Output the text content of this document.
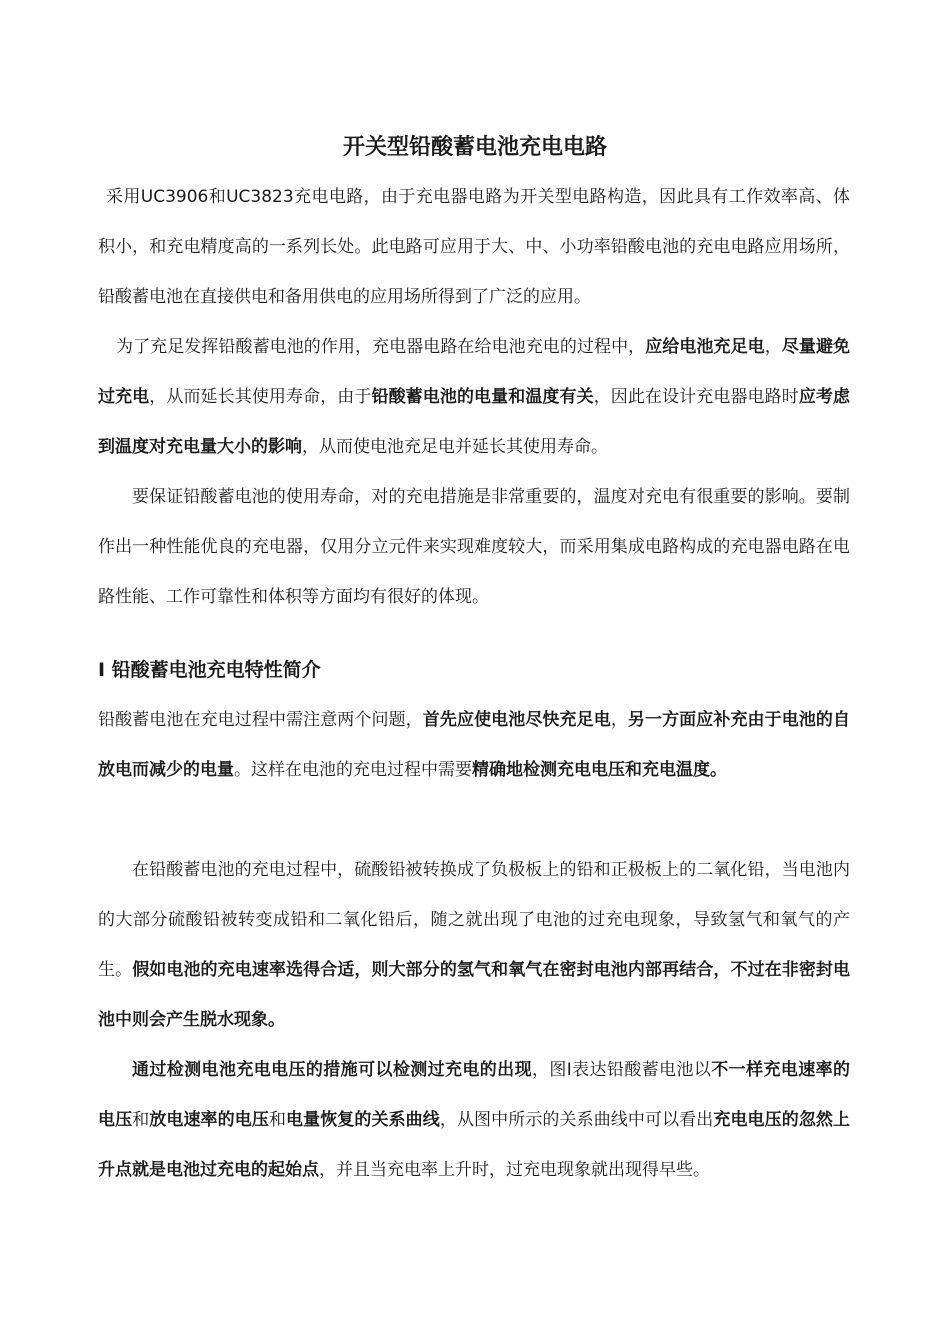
开关型铅酸蓄电池充电电路

采用UC3906和UC3823充电电路，由于充电器电路为开关型电路构造，因此具有工作效率高、体积小，和充电精度高的一系列长处。此电路可应用于大、中、小功率铅酸电池的充电电路应用场所，铅酸蓄电池在直接供电和备用供电的应用场所得到了广泛的应用。

为了充足发挥铅酸蓄电池的作用，充电器电路在给电池充电的过程中，应给电池充足电，尽量避免过充电，从而延长其使用寿命，由于铅酸蓄电池的电量和温度有关，因此在设计充电器电路时应考虑到温度对充电量大小的影响，从而使电池充足电并延长其使用寿命。

要保证铅酸蓄电池的使用寿命，对的充电措施是非常重要的，温度对充电有很重要的影响。要制作出一种性能优良的充电器，仅用分立元件来实现难度较大，而采用集成电路构成的充电器电路在电路性能、工作可靠性和体积等方面均有很好的体现。

I 铅酸蓄电池充电特性简介

铅酸蓄电池在充电过程中需注意两个问题，首先应使电池尽快充足电，另一方面应补充由于电池的自放电而减少的电量。这样在电池的充电过程中需要精确地检测充电电压和充电温度。

在铅酸蓄电池的充电过程中，硫酸铅被转换成了负极板上的铅和正极板上的二氧化铅，当电池内的大部分硫酸铅被转变成铅和二氧化铅后，随之就出现了电池的过充电现象，导致氢气和氧气的产生。假如电池的充电速率选得合适，则大部分的氢气和氧气在密封电池内部再结合，不过在非密封电池中则会产生脱水现象。

通过检测电池充电电压的措施可以检测过充电的出现，图Ⅰ表达铅酸蓄电池以不一样充电速率的电压和放电速率的电压和电量恢复的关系曲线，从图中所示的关系曲线中可以看出充电电压的忽然上升点就是电池过充电的起始点，并且当充电率上升时，过充电现象就出现得早些。
